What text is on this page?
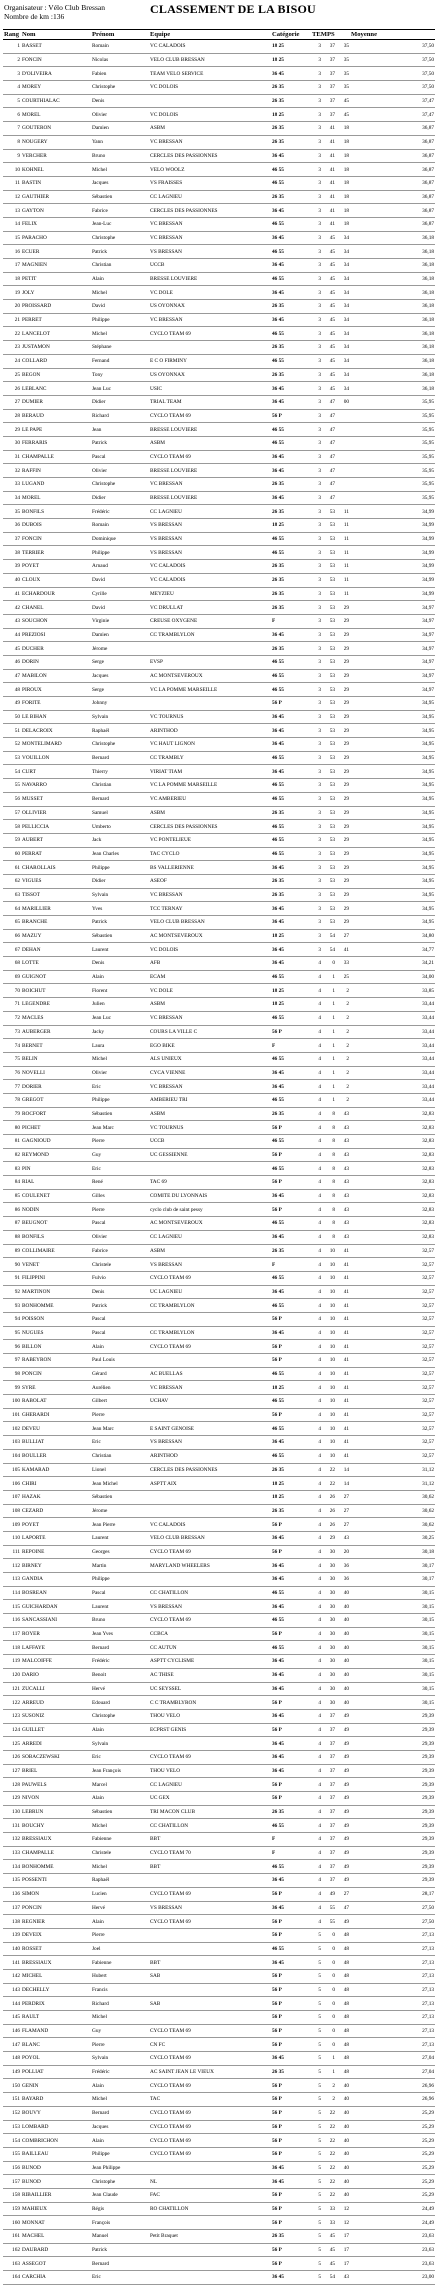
Organisateur : Vélo Club Bressan
Nombre de km :136
CLASSEMENT DE LA BISOU
Rang	Nom	Prénom	Equipe	Catégorie	TEMPS			Moyenne
1	BASSET	Romain	VC CALADOIS	18 25	3	37	35	37,50
2	FONCIN	Nicolas	VELO CLUB BRESSAN	18 25	3	37	35	37,50
3	D'OLIVEIRA	Fabien	TEAM VELO SERVICE	36 45	3	37	35	37,50
4	MOREY	Christophe	VC DOLOIS	26 35	3	37	35	37,50
5	COURTHIALAC	Denis		26 35	3	37	45	37,47
6	MOREL	Olivier	VC DOLOIS	18 25	3	37	45	37,47
7	GOUTERON	Damien	ASBM	26 35	3	41	18	36,87
8	NOUGERY	Yann	VC BRESSAN	26 35	3	41	18	36,87
9	VERCHER	Bruno	CERCLES DES PASSIONNES	36 45	3	41	18	36,87
10	KOHNEL	Michel	VELO WOOLZ	46 55	3	41	18	36,87
11	BASTIN	Jacques	VS FRAISSES	46 55	3	41	18	36,87
12	GAUTHIER	Sébastien	CC LAGNIEU	26 35	3	41	18	36,87
13	GAYTON	Fabrice	CERCLES DES PASSIONNES	36 45	3	41	18	36,87
14	FELIX	Jean-Luc	VC BRESSAN	46 55	3	41	18	36,87
15	PARACHO	Christophe	VC BRESSAN	36 45	3	45	34	36,18
16	ECUER	Patrick	VS BRESSAN	46 55	3	45	34	36,18
17	MAGNIEN	Christian	UCCB	36 45	3	45	34	36,18
18	PETIT	Alain	BRESSE LOUVIERE	46 55	3	45	34	36,18
19	JOLY	Michel	VC DOLE	36 45	3	45	34	36,18
20	PROISSARD	David	US OYONNAX	26 35	3	45	34	36,18
21	PERRET	Philippe	VC BRESSAN	36 45	3	45	34	36,18
22	LANCELOT	Michel	CYCLO TEAM 69	46 55	3	45	34	36,18
23	JUSTAMON	Stéphane		26 35	3	45	34	36,18
24	COLLARD	Fernand	E C O FIRMINY	46 55	3	45	34	36,18
25	BEGON	Tony	US OYONNAX	26 35	3	45	34	36,18
26	LEBLANC	Jean Luc	USIC	36 45	3	45	34	36,18
27	DUMIER	Didier	TRIAL TEAM	36 45	3	47	00	35,95
28	BERAUD	Richard	CYCLO TEAM 69	56 P	3	47		35,95
29	LE PAPE	Jean	BRESSE LOUVIERE	46 55	3	47		35,95
30	FERRARIS	Patrick	ASBM	46 55	3	47		35,95
31	CHAMPALLE	Pascal	CYCLO TEAM 69	36 45	3	47		35,95
32	RAFFIN	Olivier	BRESSE LOUVIERE	36 45	3	47		35,95
33	LUGAND	Christophe	VC BRESSAN	26 35	3	47		35,95
34	MOREL	Didier	BRESSE LOUVIERE	36 45	3	47		35,95
35	BONFILS	Frédéric	CC LAGNIEU	26 35	3	53	11	34,99
36	DUBOIS	Romain	VS BRESSAN	18 25	3	53	11	34,99
37	FONCIN	Dominique	VS BRESSAN	46 55	3	53	11	34,99
38	TERRIER	Philippe	VS BRESSAN	46 55	3	53	11	34,99
39	POYET	Arnaud	VC CALADOIS	26 35	3	53	11	34,99
40	CLOUX	David	VC CALADOIS	26 35	3	53	11	34,99
41	ECHARDOUR	Cyrille	MEYZIEU	26 35	3	53	11	34,99
42	CHANEL	David	VC DRULLAT	26 35	3	53	29	34,97
43	SOUCHON	Virginie	CREUSE OXYGENE	F	3	53	29	34,97
44	PREZIOSI	Damien	CC TRAMBLYLON	36 45	3	53	29	34,97
45	DUCHER	Jérome		26 35	3	53	29	34,97
46	DORIN	Serge	EVSP	46 55	3	53	29	34,97
47	MABILON	Jacques	AC MONTSEVEROUX	46 55	3	53	29	34,97
48	PIROUX	Serge	VC LA POMME MARSEILLE	46 55	3	53	29	34,97
49	FORITE	Johnny		56 P	3	53	29	34,95
50	LE BIHAN	Sylvain	VC TOURNUS	36 45	3	53	29	34,95
51	DELACROIX	Raphaël	ARINTHOD	36 45	3	53	29	34,95
52	MONTELIMARD	Christophe	VC HAUT LIGNON	36 45	3	53	29	34,95
53	VOUILLON	Bernard	CC TRAMBLY	46 55	3	53	29	34,95
54	CURT	Thierry	VIRIAT TIAM	36 45	3	53	29	34,95
55	NAVARRO	Christian	VC LA POMME MARSEILLE	46 55	3	53	29	34,95
56	MUSSET	Bernard	VC AMBERIEU	46 55	3	53	29	34,95
57	OLLIVIER	Samuel	ASBM	26 35	3	53	29	34,95
58	PELLICCIA	Umberto	CERCLES DES PASSIONNES	46 55	3	53	29	34,95
59	AUBERT	Jack	VC PONTELIEUE	46 55	3	53	29	34,95
60	PERRAT	Jean Charles	TAC CYCLO	46 55	3	53	29	34,95
61	CHAROLLAIS	Philippe	BS VALLERIENNE	36 45	3	53	29	34,95
62	VIGUES	Didier	ASEOF	26 35	3	53	29	34,95
63	TISSOT	Sylvain	VC BRESSAN	26 35	3	53	29	34,95
64	MARILLIER	Yves	TCC TERNAY	36 45	3	53	29	34,95
65	BRANCHE	Patrick	VELO CLUB BRESSAN	36 45	3	53	29	34,95
66	MAZUY	Sébastien	AC MONTSEVEROUX	18 25	3	54	27	34,80
67	DEHAN	Laurent	VC DOLOIS	36 45	3	54	41	34,77
68	LOTTE	Denis	AFB	36 45	4	0	33	34,21
69	GUIGNOT	Alain	ECAM	46 55	4	1	25	34,00
70	BOICHUT	Florent	VC DOLE	18 25	4	1	2	33,85
71	LEGENDRE	Julien	ASBM	18 25	4	1	2	33,44
72	MACLES	Jean Luc	VC BRESSAN	46 55	4	1	2	33,44
73	AUBERGER	Jacky	COURS LA VILLE C	56 P	4	1	2	33,44
74	BERNET	Laura	EGO BIKE	F	4	1	2	33,44
75	BELIN	Michel	ALS UNIEUX	46 55	4	1	2	33,44
76	NOVELLI	Olivier	CYCA VIENNE	36 45	4	1	2	33,44
77	DORIER	Eric	VC BRESSAN	36 45	4	1	2	33,44
78	GREGOT	Philippe	AMBERIEU TRI	46 55	4	1	2	33,44
79	ROCFORT	Sébastien	ASBM	26 35	4	8	43	32,83
80	PICHET	Jean Marc	VC TOURNUS	56 P	4	8	43	32,83
81	GAGNIOUD	Pierre	UCCB	46 55	4	8	43	32,83
82	REYMOND	Guy	UC GESSIENNE	56 P	4	8	43	32,83
83	PIN	Eric		46 55	4	8	43	32,83
84	RIAL	René	TAC 69	56 P	4	8	43	32,83
85	COULENET	Gilles	COMITE DU LYONNAIS	36 45	4	8	43	32,83
86	NODIN	Pierre	cyclo club de saint pessy	56 P	4	8	43	32,83
87	BEUGNOT	Pascal	AC MONTSEVEROUX	46 55	4	8	43	32,83
88	BONFILS	Olivier	CC LAGNIEU	36 45	4	8	43	32,83
89	COLLIMAIRE	Fabrice	ASBM	26 35	4	10	41	32,57
90	VENET	Christele	VS BRESSAN	F	4	10	41	32,57
91	FILIPPINI	Fulvio	CYCLO TEAM 69	46 55	4	10	41	32,57
92	MARTINON	Denis	UC LAGNIEU	36 45	4	10	41	32,57
93	BONHOMME	Patrick	CC TRAMBLYLON	46 55	4	10	41	32,57
94	POISSON	Pascal		56 P	4	10	41	32,57
95	NUGUES	Pascal	CC TRAMBLYLON	36 45	4	10	41	32,57
96	BILLON	Alain	CYCLO TEAM 69	56 P	4	10	41	32,57
97	RABEYRON	Paul Louis		56 P	4	10	41	32,57
98	PONCIN	Gérard	AC BUELLAS	46 55	4	10	41	32,57
99	SYRE	Aurélien	VC BRESSAN	18 25	4	10	41	32,57
100	RABOLAT	Gilbert	UCHAV	46 55	4	10	41	32,57
101	GHERARDI	Pierre		56 P	4	10	41	32,57
102	DEVEU	Jean Marc	E SAINT GENOISE	46 55	4	10	41	32,57
103	BULLIAT	Eric	VS BRESSAN	36 45	4	10	41	32,57
104	BOULLER	Christian	ARINTHOD	46 55	4	10	41	32,57
105	KAMARAD	Lionel	CERCLES DES PASSIONNES	26 35	4	22	14	31,12
106	CHIRI	Jean Michel	ASPTT AIX	18 25	4	22	14	31,12
107	HAZAK	Sébastien		18 25	4	26	27	30,62
108	CEZARD	Jérome		26 35	4	26	27	30,62
109	POYET	Jean Pierre	VC CALADOIS	56 P	4	26	27	30,62
110	LAPORTE	Laurent	VELO CLUB BRESSAN	36 45	4	29	43	30,25
111	REPOINE	Georges	CYCLO TEAM 69	56 P	4	30	20	30,18
112	BIRNEY	Martin	MARYLAND WHEELERS	36 45	4	30	36	30,17
113	GANDIA	Philippe		36 45	4	30	36	30,17
114	BOSREAN	Pascal	CC CHATILLON	46 55	4	30	40	30,15
115	GUICHARDAN	Laurent	VS BRESSAN	36 45	4	30	40	30,15
116	SANCASSIANI	Bruno	CYCLO TEAM 69	46 55	4	30	40	30,15
117	ROYER	Jean Yves	CCBCA	56 P	4	30	40	30,15
118	LAFFAYE	Bernard	CC AUTUN	46 55	4	30	40	30,15
119	MALCOIFFE	Frédéric	ASPTT CYCLISME	36 45	4	30	40	30,15
120	DARIO	Benoit	AC THISE	36 45	4	30	40	30,15
121	ZUCALLI	Hervé	UC SEYSSEL	36 45	4	30	40	30,15
122	ARREUD	Edouard	C C TRAMBLYRON	56 P	4	30	40	30,15
123	SUSONIZ	Christophe	THOU VELO	36 45	4	37	49	29,39
124	GUILLET	Alain	ECPRST GENIS	56 P	4	37	49	29,39
125	ARREDI	Sylvain		36 45	4	37	49	29,39
126	SOBACZEWSKI	Eric	CYCLO TEAM 69	36 45	4	37	49	29,39
127	BRIEL	Jean François	THOU VELO	36 45	4	37	49	29,39
128	PAUWELS	Marcel	CC LAGNIEU	56 P	4	37	49	29,39
129	NIVON	Alain	UC GEX	56 P	4	37	49	29,39
130	LEBRUN	Sébastien	TRI MACON CLUB	26 35	4	37	49	29,39
131	BOUCHY	Michel	CC CHATILLON	46 55	4	37	49	29,39
132	BRESSIAUX	Fabienne	BBT	F	4	37	49	29,39
133	CHAMPALLE	Christele	CYCLO TEAM 70	F	4	37	49	29,39
134	BONHOMME	Michel	BBT	46 55	4	37	49	29,39
135	POSSENTI	Raphaël		36 45	4	37	49	29,39
136	SIMON	Lucien	CYCLO TEAM 69	56 P	4	49	27	28,17
137	PONCIN	Hervé	VS BRESSAN	36 45	4	55	47	27,50
138	REGNIER	Alain	CYCLO TEAM 69	56 P	4	55	49	27,50
139	DEVEIX	Pierre		56 P	5	0	48	27,13
140	ROSSET	Joel		46 55	5	0	48	27,13
141	BRESSIAUX	Fabienne	BBT	36 45	5	0	48	27,13
142	MICHEL	Hubert	SAB	56 P	5	0	48	27,13
143	DECHELLY	Francis		56 P	5	0	48	27,13
144	PERDRIX	Richard	SAB	56 P	5	0	48	27,13
145	RAULT	Michel		56 P	5	0	48	27,13
146	FLAMAND	Guy	CYCLO TEAM 69	56 P	5	0	48	27,13
147	BLANC	Pierre	CN FC	56 P	5	0	48	27,13
148	POYOL	Sylvain	CYCLO TEAM 69	36 45	5	1	48	27,04
149	POLLIAT	Frédéric	AC SAINT JEAN LE VIEUX	26 35	5	1	48	27,04
150	GENIN	Alain	CYCLO TEAM 69	56 P	5	2	40	26,96
151	BAYARD	Michel	TAC	56 P	5	2	40	26,96
152	BOUVY	Bernard	CYCLO TEAM 69	56 P	5	22	40	25,29
153	LOMBARD	Jacques	CYCLO TEAM 69	56 P	5	22	40	25,29
154	COMBRICHON	Alain	CYCLO TEAM 69	56 P	5	22	40	25,29
155	BAILLEAU	Philippe	CYCLO TEAM 69	56 P	5	22	40	25,29
156	BUNOD	Jean Philippe		36 45	5	22	40	25,29
157	BUNOD	Christophe	NL	36 45	5	22	40	25,29
158	RIBAILLIER	Jean Claude	FAC	56 P	5	22	40	25,29
159	MAHIEUX	Régis	RO CHATILLON	56 P	5	33	12	24,49
160	MONNAT	François		56 P	5	33	12	24,49
161	MACHEL	Manuel	Petit Braquet	26 35	5	45	17	23,63
162	DAUBARD	Patrick		56 P	5	45	17	23,63
163	ASSEGOT	Bernard		56 P	5	45	17	23,63
164	CARCHIA	Eric		36 45	5	54	43	23,00
